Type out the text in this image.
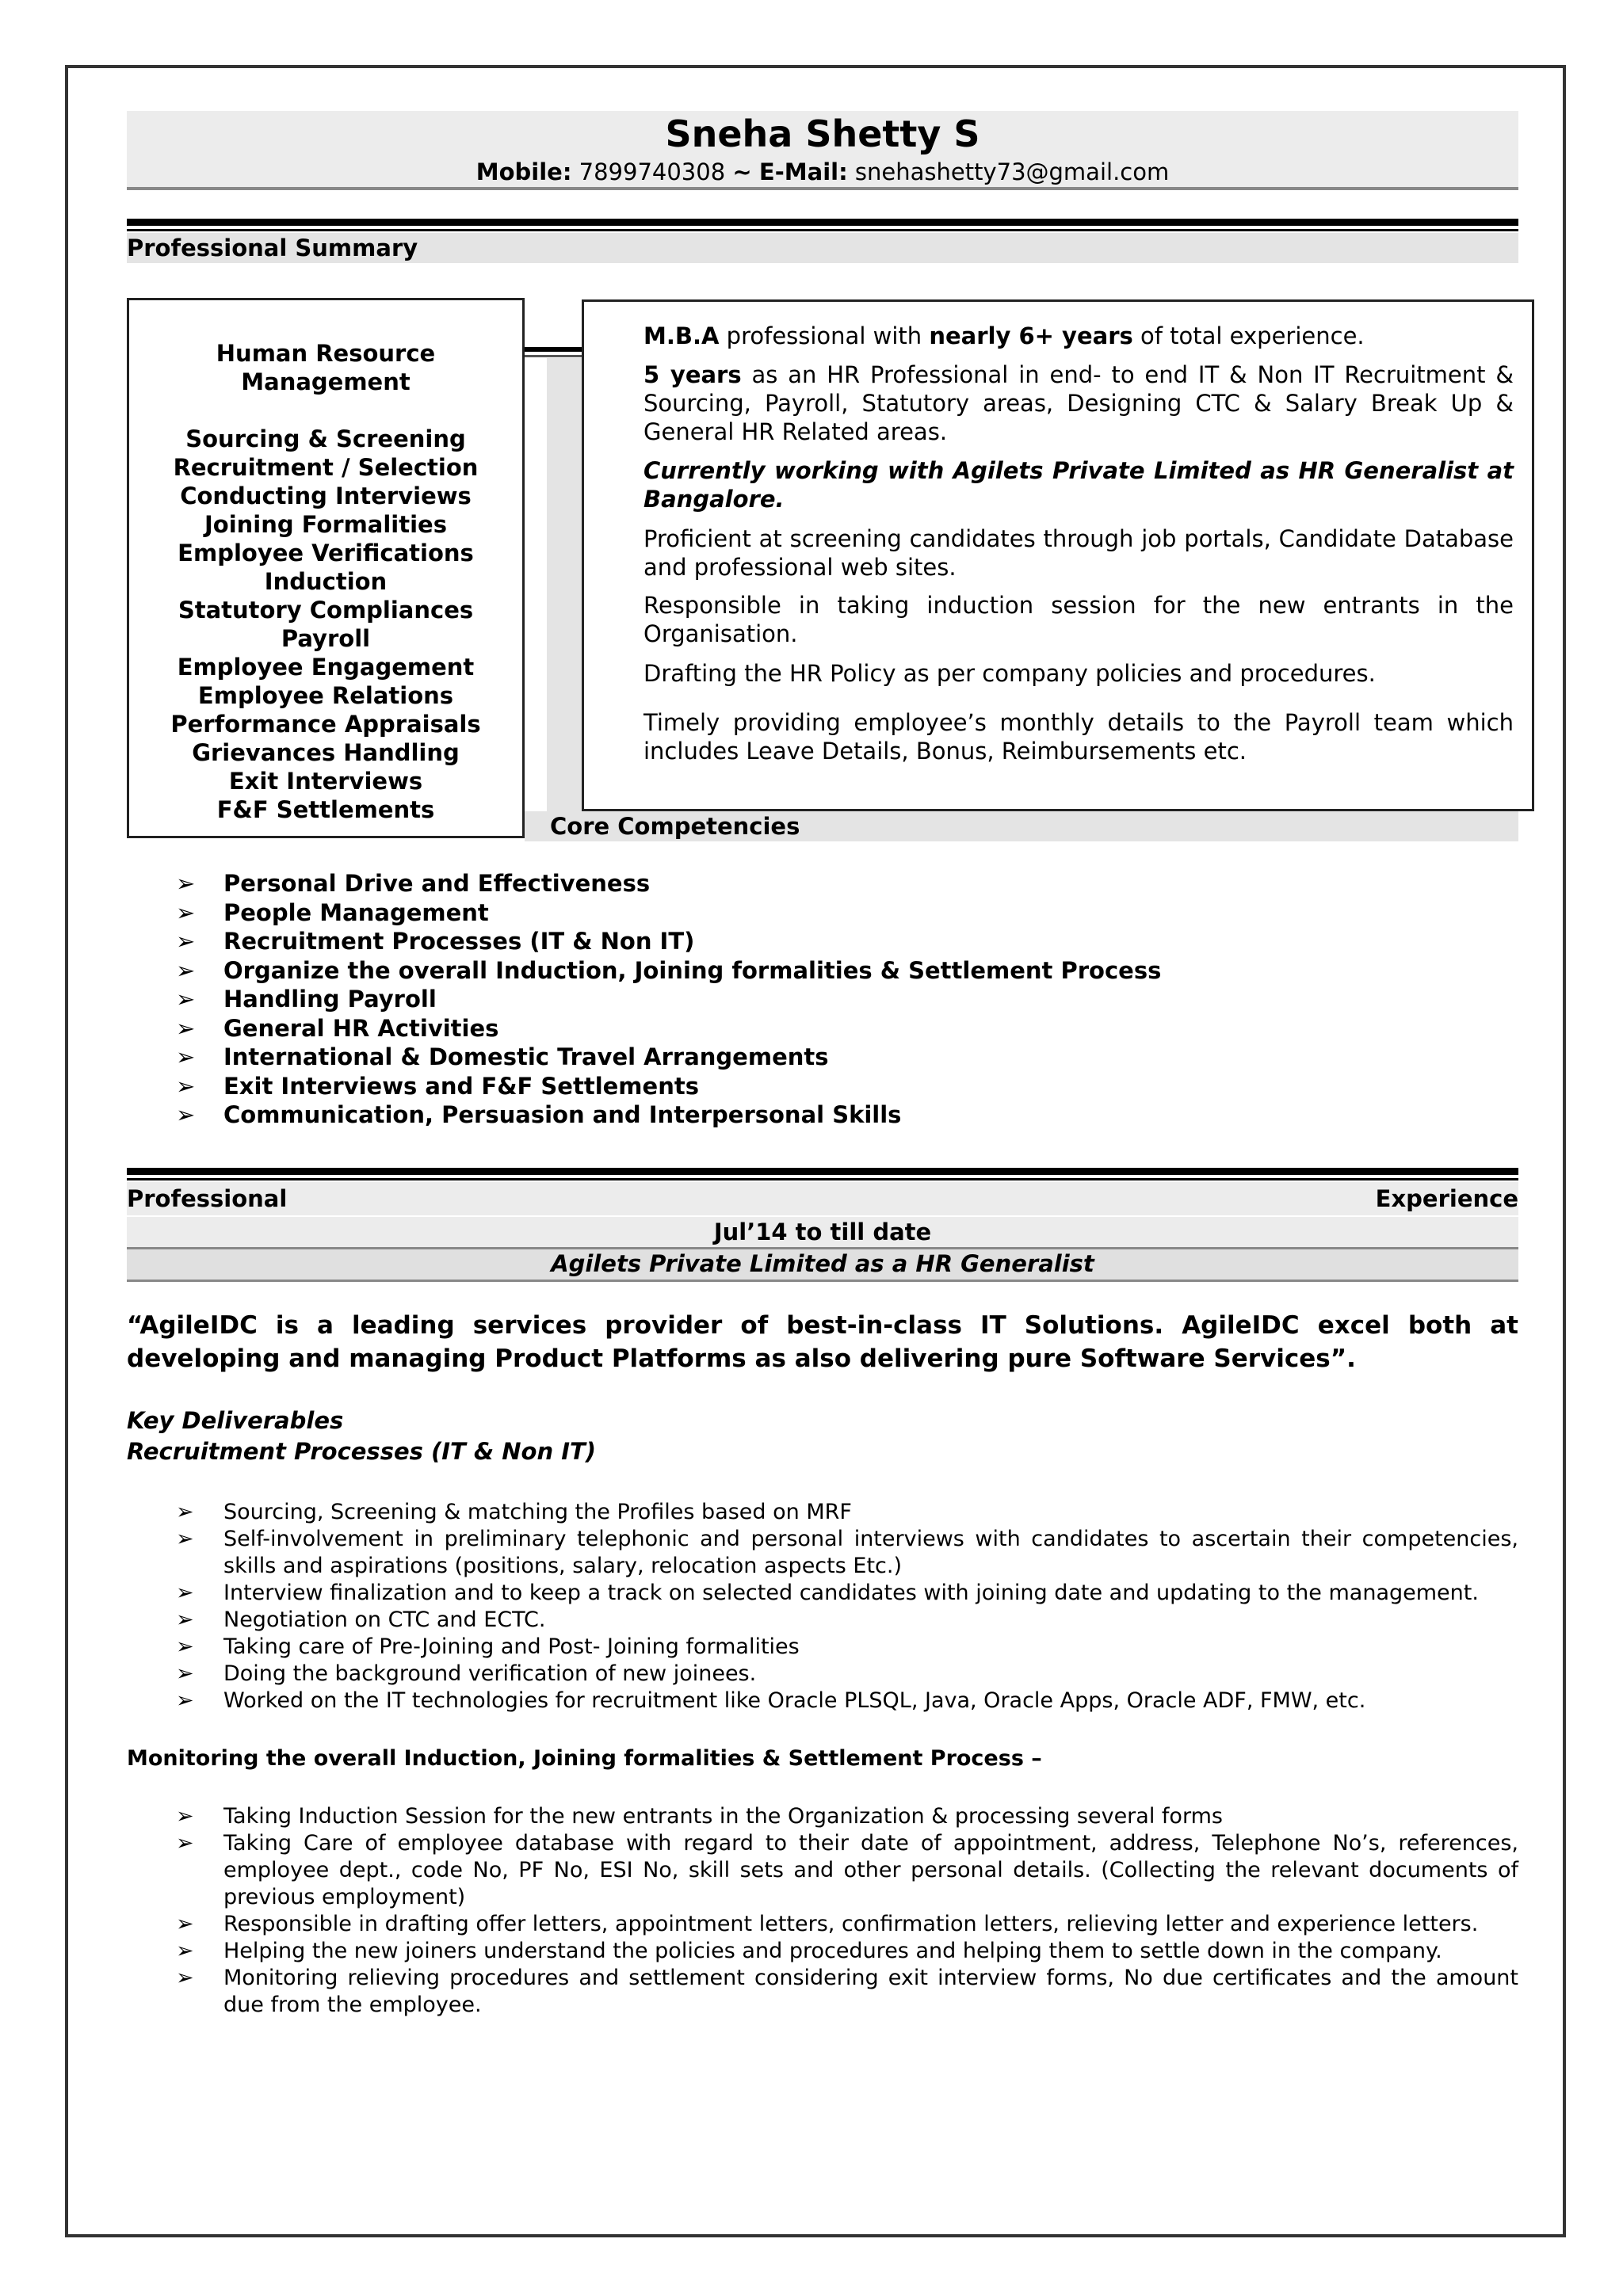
Sneha Shetty S
Mobile: 7899740308 ~ E-Mail: snehashetty73@gmail.com
Professional Summary
Human Resource
Management
Sourcing & Screening
Recruitment / Selection
Conducting Interviews
Joining Formalities
Employee Verifications
Induction
Statutory Compliances
Payroll
Employee Engagement
Employee Relations
Performance Appraisals
Grievances Handling
Exit Interviews
F&F Settlements
M.B.A professional with nearly 6+ years of total experience.
5 years as an HR Professional in end- to end IT & Non IT Recruitment & Sourcing, Payroll, Statutory areas, Designing CTC & Salary Break Up & General HR Related areas.
Currently working with Agilets Private Limited as HR Generalist at Bangalore.
Proficient at screening candidates through job portals, Candidate Database and professional web sites.
Responsible in taking induction session for the new entrants in the Organisation.
Drafting the HR Policy as per company policies and procedures.
Timely providing employee’s monthly details to the Payroll team which includes Leave Details, Bonus, Reimbursements etc.
Core Competencies
➢ Personal Drive and Effectiveness
➢ People Management
➢ Recruitment Processes (IT & Non IT)
➢ Organize the overall Induction, Joining formalities & Settlement Process
➢ Handling Payroll
➢ General HR Activities
➢ International & Domestic Travel Arrangements
➢ Exit Interviews and F&F Settlements
➢ Communication, Persuasion and Interpersonal Skills
Professional	Experience
Jul’14 to till date
Agilets Private Limited as a HR Generalist
“AgileIDC is a leading services provider of best-in-class IT Solutions. AgileIDC excel both at developing and managing Product Platforms as also delivering pure Software Services”.
Key Deliverables
Recruitment Processes (IT & Non IT)
➢ Sourcing, Screening & matching the Profiles based on MRF
➢ Self-involvement in preliminary telephonic and personal interviews with candidates to ascertain their competencies, skills and aspirations (positions, salary, relocation aspects Etc.)
➢ Interview finalization and to keep a track on selected candidates with joining date and updating to the management.
➢ Negotiation on CTC and ECTC.
➢ Taking care of Pre-Joining and Post- Joining formalities
➢ Doing the background verification of new joinees.
➢ Worked on the IT technologies for recruitment like Oracle PLSQL, Java, Oracle Apps, Oracle ADF, FMW, etc.
Monitoring the overall Induction, Joining formalities & Settlement Process –
➢ Taking Induction Session for the new entrants in the Organization & processing several forms
➢ Taking Care of employee database with regard to their date of appointment, address, Telephone No’s, references, employee dept., code No, PF No, ESI No, skill sets and other personal details. (Collecting the relevant documents of previous employment)
➢ Responsible in drafting offer letters, appointment letters, confirmation letters, relieving letter and experience letters.
➢ Helping the new joiners understand the policies and procedures and helping them to settle down in the company.
➢ Monitoring relieving procedures and settlement considering exit interview forms, No due certificates and the amount due from the employee.
